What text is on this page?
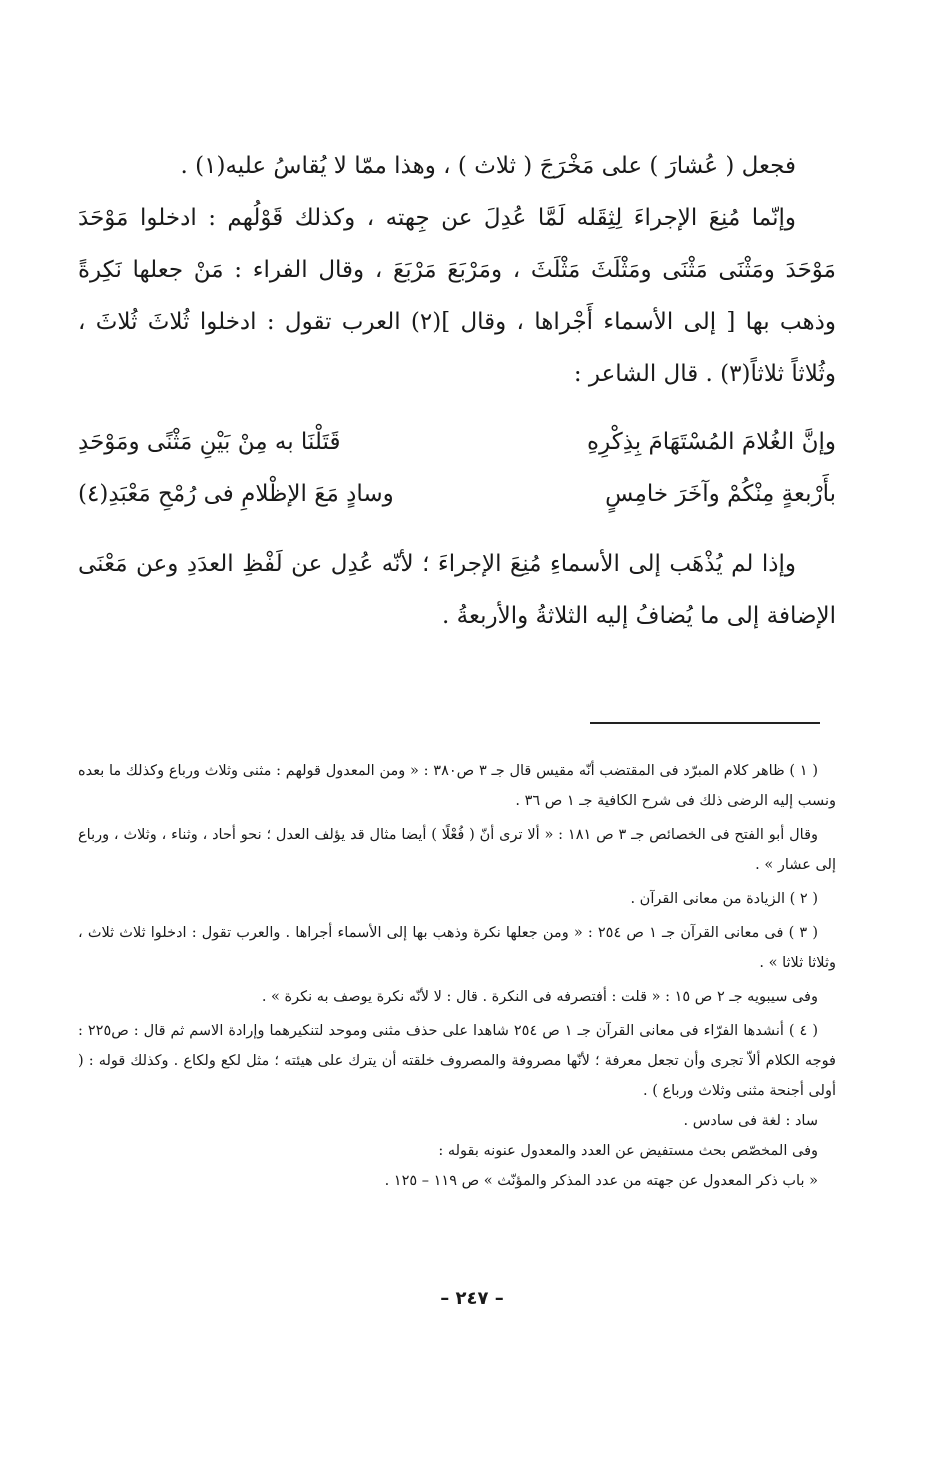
فجعل ( عُشارَ ) على مَخْرَجَ ( ثلاث ) ، وهذا ممّا لا يُقاسُ عليه(١) .

وإنّما مُنِعَ الإجراءَ لِثِقَله لَمَّا عُدِلَ عن جِهته ، وكذلك قَوْلُهم : ادخلوا مَوْحَدَ مَوْحَدَ ومَثْنَى مَثْنَى ومَثْلَثَ مَثْلَثَ ، ومَرْبَعَ مَرْبَعَ ، وقال الفراء : مَنْ جعلها نَكِرةً وذهب بها [ إلى الأسماء أَجْراها ، وقال ](٢) العرب تقول : ادخلوا ثُلاثَ ثُلاثَ ، وثُلاثاً ثلاثاً(٣) . قال الشاعر :

وإنَّ الغُلامَ المُسْتَهَامَ بِذِكْرِهِ
قَتَلْنَا به مِنْ بَيْنِ مَثْنًى ومَوْحَدِ
بأَرْبعةٍ مِنْكُمْ وآخَرَ خامِسٍ
وسادٍ مَعَ الإظْلامِ فى رُمْحِ مَعْبَدِ(٤)

وإذا لم يُذْهَب إلى الأسماءِ مُنِعَ الإجراءَ ؛ لأنّه عُدِل عن لَفْظِ العدَدِ وعن مَعْنَى الإضافة إلى ما يُضافُ إليه الثلاثةُ والأربعةُ .

( ١ ) ظاهر كلام المبرّد فى المقتضب أنّه مقيس قال جـ ٣ ص٣٨٠ : « ومن المعدول قولهم : مثنى وثلاث ورباع وكذلك ما بعده ونسب إليه الرضى ذلك فى شرح الكافية جـ ١ ص ٣٦ .

وقال أبو الفتح فى الخصائص جـ ٣ ص ١٨١ : « ألا ترى أنّ ( فُعْلًا ) أيضا مثال قد يؤلف العدل ؛ نحو أحاد ، وثناء ، وثلاث ، ورباع إلى عشار » .

( ٢ ) الزيادة من معانى القرآن .

( ٣ ) فى معانى القرآن جـ ١ ص ٢٥٤ : « ومن جعلها نكرة وذهب بها إلى الأسماء أجراها . والعرب تقول : ادخلوا ثلاث ثلاث ، وثلاثا ثلاثا » .

وفى سيبويه جـ ٢ ص ١٥ : « قلت : أفتصرفه فى النكرة . قال : لا لأنّه نكرة يوصف به نكرة » .

( ٤ ) أنشدها الفرّاء فى معانى القرآن جـ ١ ص ٢٥٤ شاهدا على حذف مثنى وموحد لتنكيرهما وإرادة الاسم ثم قال : ص٢٢٥ : فوجه الكلام ألاّ تجرى وأن تجعل معرفة ؛ لأنّها مصروفة والمصروف خلقته أن يترك على هيئته ؛ مثل لكع ولكاع . وكذلك قوله : ( أولى أجنحة مثنى وثلاث ورباع ) .

ساد : لغة فى سادس .

وفى المخصّص بحث مستفيض عن العدد والمعدول عنونه بقوله :

« باب ذكر المعدول عن جهته من عدد المذكر والمؤنّث » ص ١١٩ – ١٢٥ .

– ٢٤٧ –
